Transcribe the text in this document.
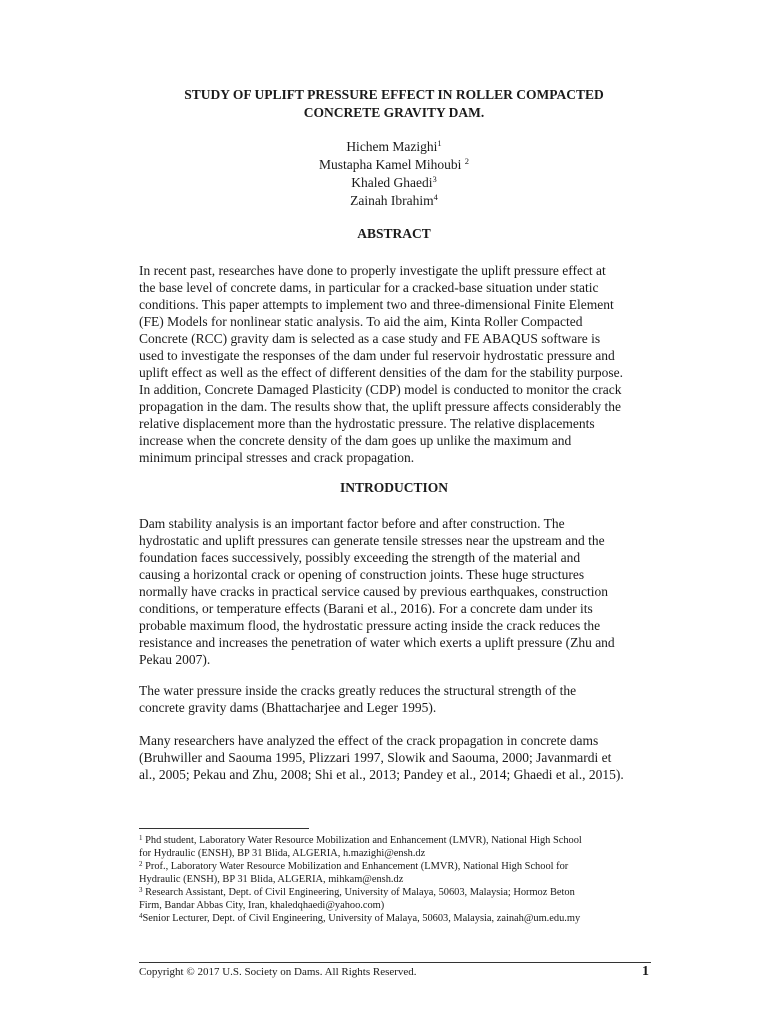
STUDY OF UPLIFT PRESSURE EFFECT IN ROLLER COMPACTED
CONCRETE GRAVITY DAM.
Hichem Mazighi$^1$
Mustapha Kamel Mihoubi $^2$
Khaled Ghaedi$^3$
Zainah Ibrahim$^4$
ABSTRACT
In recent past, researches have done to properly investigate the uplift pressure effect at
the base level of concrete dams, in particular for a cracked-base situation under static
conditions. This paper attempts to implement two and three-dimensional Finite Element
(FE) Models for nonlinear static analysis. To aid the aim, Kinta Roller Compacted
Concrete (RCC) gravity dam is selected as a case study and FE ABAQUS software is
used to investigate the responses of the dam under ful reservoir hydrostatic pressure and
uplift effect as well as the effect of different densities of the dam for the stability purpose.
In addition, Concrete Damaged Plasticity (CDP) model is conducted to monitor the crack
propagation in the dam. The results show that, the uplift pressure affects considerably the
relative displacement more than the hydrostatic pressure. The relative displacements
increase when the concrete density of the dam goes up unlike the maximum and
minimum principal stresses and crack propagation.
INTRODUCTION
Dam stability analysis is an important factor before and after construction. The
hydrostatic and uplift pressures can generate tensile stresses near the upstream and the
foundation faces successively, possibly exceeding the strength of the material and
causing a horizontal crack or opening of construction joints. These huge structures
normally have cracks in practical service caused by previous earthquakes, construction
conditions, or temperature effects (Barani et al., 2016). For a concrete dam under its
probable maximum flood, the hydrostatic pressure acting inside the crack reduces the
resistance and increases the penetration of water which exerts a uplift pressure (Zhu and
Pekau 2007).
The water pressure inside the cracks greatly reduces the structural strength of the
concrete gravity dams (Bhattacharjee and Leger 1995).
Many researchers have analyzed the effect of the crack propagation in concrete dams
(Bruhwiller and Saouma 1995, Plizzari 1997, Slowik and Saouma, 2000; Javanmardi et
al., 2005; Pekau and Zhu, 2008; Shi et al., 2013; Pandey et al., 2014; Ghaedi et al., 2015).
$^1$ Phd student, Laboratory Water Resource Mobilization and Enhancement (LMVR), National High School
for Hydraulic (ENSH), BP 31 Blida, ALGERIA, h.mazighi@ensh.dz
$^2$ Prof., Laboratory Water Resource Mobilization and Enhancement (LMVR), National High School for
Hydraulic (ENSH), BP 31 Blida, ALGERIA, mihkam@ensh.dz
$^3$ Research Assistant, Dept. of Civil Engineering, University of Malaya, 50603, Malaysia; Hormoz Beton
Firm, Bandar Abbas City, Iran, khaledqhaedi@yahoo.com)
$^4$Senior Lecturer, Dept. of Civil Engineering, University of Malaya, 50603, Malaysia, zainah@um.edu.my
Copyright © 2017 U.S. Society on Dams. All Rights Reserved.	1
